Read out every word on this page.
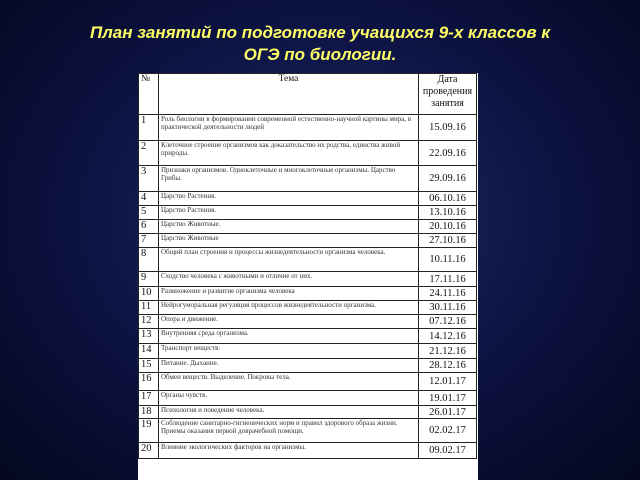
План занятий по подготовке учащихся 9-х классов к
ОГЭ по биологии.
№	Тема	Дата проведения занятия
1	Роль биологии в формировании современной естественно-научной картины мира, в практической деятельности людей	15.09.16
2	Клеточное строение организмов как доказательство их родства, единства живой природы.	22.09.16
3	Признаки организмов. Одноклеточные и многоклеточные организмы. Царство Грибы.	29.09.16
4	Царство Растения.	06.10.16
5	Царство Растения.	13.10.16
6	Царство Животные.	20.10.16
7	Царство Животные	27.10.16
8	Общий план строения и процессы жизнедеятельности организма человека.	10.11.16
9	Сходство человека с животными и отличие от них.	17.11.16
10	Размножение и развитие организма человека	24.11.16
11	Нейрогуморальная регуляция процессов жизнедеятельности организма.	30.11.16
12	Опора и движение.	07.12.16
13	Внутренняя среда организма.	14.12.16
14	Транспорт веществ.	21.12.16
15	Питание. Дыхание.	28.12.16
16	Обмен веществ. Выделение. Покровы тела.	12.01.17
17	Органы чувств.	19.01.17
18	Психология и поведение человека.	26.01.17
19	Соблюдение санитарно-гигиенических норм и правил здорового образа жизни. Приемы оказания первой доврачебной помощи.	02.02.17
20	Влияние экологических факторов на организмы.	09.02.17
